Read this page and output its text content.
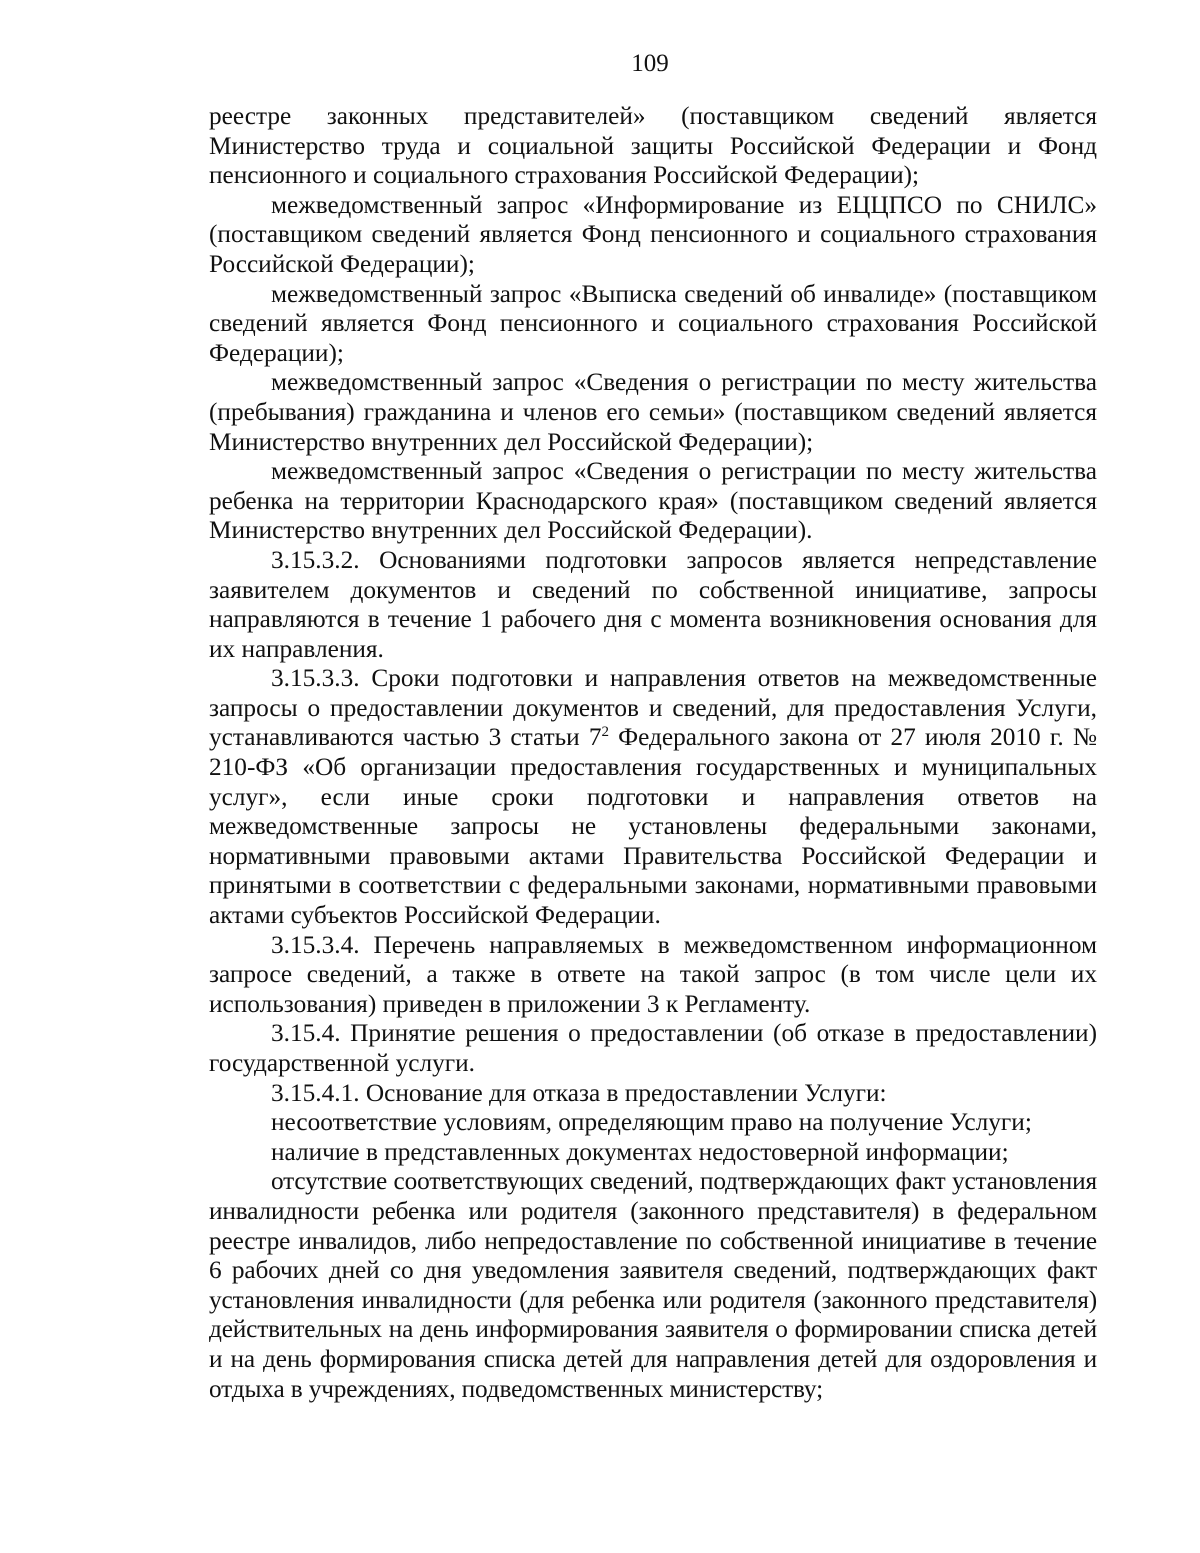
109

реестре законных представителей» (поставщиком сведений является Министерство труда и социальной защиты Российской Федерации и Фонд пенсионного и социального страхования Российской Федерации);

межведомственный запрос «Информирование из ЕЦЦПСО по СНИЛС» (поставщиком сведений является Фонд пенсионного и социального страхования Российской Федерации);

межведомственный запрос «Выписка сведений об инвалиде» (поставщиком сведений является Фонд пенсионного и социального страхования Российской Федерации);

межведомственный запрос «Сведения о регистрации по месту жительства (пребывания) гражданина и членов его семьи» (поставщиком сведений является Министерство внутренних дел Российской Федерации);

межведомственный запрос «Сведения о регистрации по месту жительства ребенка на территории Краснодарского края» (поставщиком сведений является Министерство внутренних дел Российской Федерации).

3.15.3.2. Основаниями подготовки запросов является непредставление заявителем документов и сведений по собственной инициативе, запросы направляются в течение 1 рабочего дня с момента возникновения основания для их направления.

3.15.3.3. Сроки подготовки и направления ответов на межведомственные запросы о предоставлении документов и сведений, для предоставления Услуги, устанавливаются частью 3 статьи $7^2$ Федерального закона от 27 июля 2010 г. № 210-ФЗ «Об организации предоставления государственных и муниципальных услуг», если иные сроки подготовки и направления ответов на межведомственные запросы не установлены федеральными законами, нормативными правовыми актами Правительства Российской Федерации и принятыми в соответствии с федеральными законами, нормативными правовыми актами субъектов Российской Федерации.

3.15.3.4. Перечень направляемых в межведомственном информационном запросе сведений, а также в ответе на такой запрос (в том числе цели их использования) приведен в приложении 3 к Регламенту.

3.15.4. Принятие решения о предоставлении (об отказе в предоставлении) государственной услуги.

3.15.4.1. Основание для отказа в предоставлении Услуги:

несоответствие условиям, определяющим право на получение Услуги;

наличие в представленных документах недостоверной информации;

отсутствие соответствующих сведений, подтверждающих факт установления инвалидности ребенка или родителя (законного представителя) в федеральном реестре инвалидов, либо непредоставление по собственной инициативе в течение 6 рабочих дней со дня уведомления заявителя сведений, подтверждающих факт установления инвалидности (для ребенка или родителя (законного представителя) действительных на день информирования заявителя о формировании списка детей и на день формирования списка детей для направления детей для оздоровления и отдыха в учреждениях, подведомственных министерству;
